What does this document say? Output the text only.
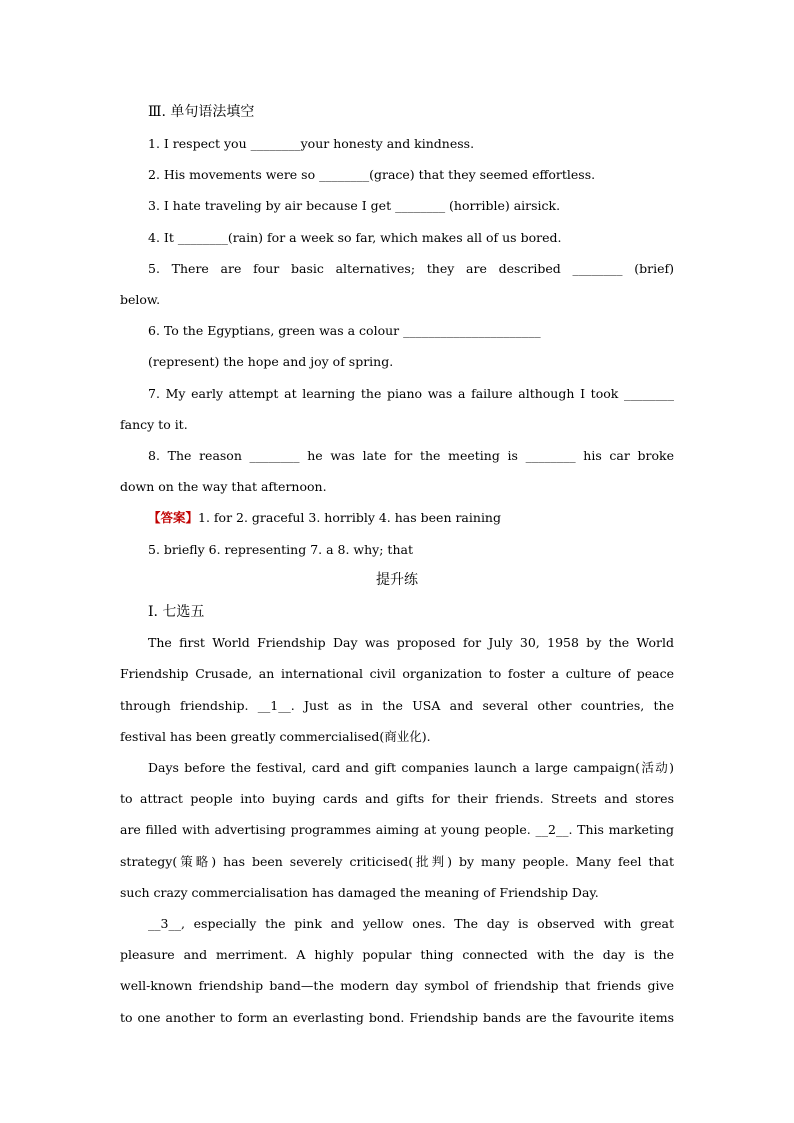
Ⅲ. 单句语法填空
1. I respect you ________your honesty and kindness.
2. His movements were so ________(grace) that they seemed effortless.
3. I hate traveling by air because I get ________ (horrible) airsick.
4. It ________(rain) for a week so far, which makes all of us bored.
5. There are four basic alternatives; they are described ________ (brief)
below.
6. To the Egyptians, green was a colour ______________________
(represent) the hope and joy of spring.
7. My early attempt at learning the piano was a failure although I took ________
fancy to it.
8. The reason ________ he was late for the meeting is ________ his car broke
down on the way that afternoon.
【答案】1. for 2. graceful 3. horribly 4. has been raining
5. briefly 6. representing 7. a 8. why; that
提升练
Ⅰ. 七选五
The first World Friendship Day was proposed for July 30, 1958 by the World
Friendship Crusade, an international civil organization to foster a culture of peace
through friendship. __1__. Just as in the USA and several other countries, the
festival has been greatly commercialised(商业化).
Days before the festival, card and gift companies launch a large campaign(活动)
to attract people into buying cards and gifts for their friends. Streets and stores
are filled with advertising programmes aiming at young people. __2__. This marketing
strategy(策略) has been severely criticised(批判) by many people. Many feel that
such crazy commercialisation has damaged the meaning of Friendship Day.
__3__, especially the pink and yellow ones. The day is observed with great
pleasure and merriment. A highly popular thing connected with the day is the
well-known friendship band—the modern day symbol of friendship that friends give
to one another to form an everlasting bond. Friendship bands are the favourite items
